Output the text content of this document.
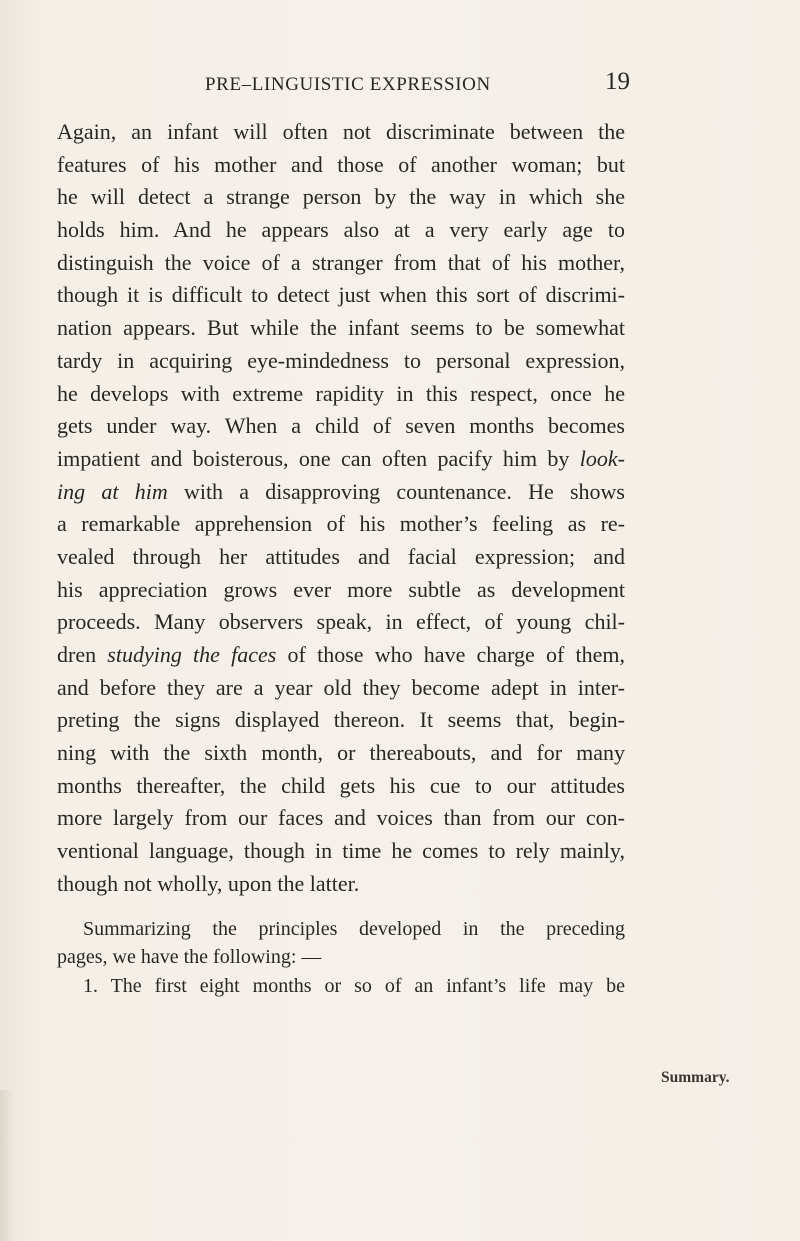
PRE–LINGUISTIC EXPRESSION	19
Again, an infant will often not discriminate between the
features of his mother and those of another woman; but
he will detect a strange person by the way in which she
holds him. And he appears also at a very early age to
distinguish the voice of a stranger from that of his mother,
though it is difficult to detect just when this sort of discrimi-
nation appears. But while the infant seems to be somewhat
tardy in acquiring eye-mindedness to personal expression,
he develops with extreme rapidity in this respect, once he
gets under way. When a child of seven months becomes
impatient and boisterous, one can often pacify him by look-
ing at him with a disapproving countenance. He shows
a remarkable apprehension of his mother’s feeling as re-
vealed through her attitudes and facial expression; and
his appreciation grows ever more subtle as development
proceeds. Many observers speak, in effect, of young chil-
dren studying the faces of those who have charge of them,
and before they are a year old they become adept in inter-
preting the signs displayed thereon. It seems that, begin-
ning with the sixth month, or thereabouts, and for many
months thereafter, the child gets his cue to our attitudes
more largely from our faces and voices than from our con-
ventional language, though in time he comes to rely mainly,
though not wholly, upon the latter.
Summarizing the principles developed in the preceding
pages, we have the following: —
1. The first eight months or so of an infant’s life may be
Summary.
